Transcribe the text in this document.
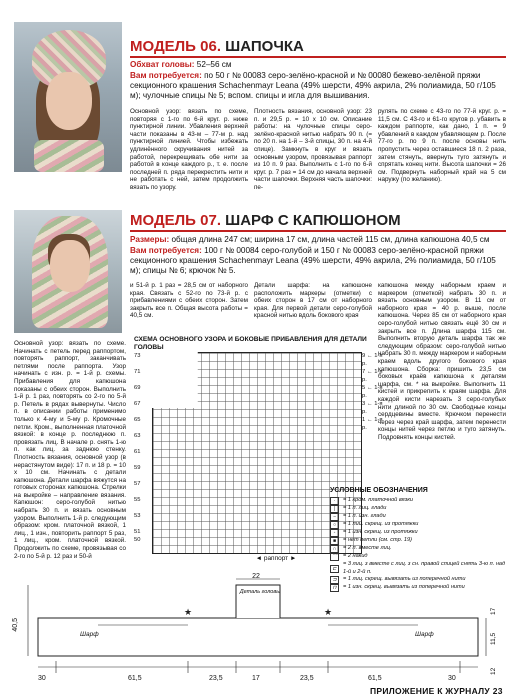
МОДЕЛЬ 06. ШАПОЧКА
Обхват головы: 52–56 см
Вам потребуется: по 50 г № 00083 серо-зелёно-красной и № 00080 бежево-зелёной пряжи секционного крашения Schachenmayr Leana (49% шерсти, 49% акрила, 2% полиамида, 50 г/105 м); чулочные спицы № 5; вспом. спицы и игла для вышивания.
Основной узор: вязать по схеме, повторяя с 1-го по 6-й круг. р. ниже пунктирной линии. Убавления верхней части показаны в 43-м – 77-м р. над пунктирной линией. Чтобы избежать удлинённого скручивания нитей за работой, перекрещивать обе нити за работой в конце каждого р., т. е. после последней п. ряда перекрестить нити и не работать с ней, затем продолжить вязать по узору.
Плотность вязания, основной узор: 23 п. и 29,5 р. = 10 х 10 см. Описание работы: на чулочные спицы серо-зелёно-красной нитью набрать 90 п. (= по 20 п. на 1-й – 3-й спицы, 30 п. на 4-й спице). Замкнуть в круг и вязать основным узором, провязывая раппорт из 10 п. 9 раз. Выполнить с 1-го по 6-й круг. р. 7 раз = 14 см до начала верхней части шапочки. Верхняя часть шапочки: пе-
рулять по схеме с 43-го по 77-й круг. р. = 11,5 см. С 43-го и 61-го кругов р. убавить в каждом раппорте, как дано, 1 п. = 9 убавлений в каждом убавляющем р. После 77-го р. по 9 п. после основы нить пропустить через оставшиеся 18 п. 2 раза, затем стянуть, ввернуть туго затянуть и спрятать конец нити. Высота шапочки = 26 см. Подвернуть наборный край на 5 см наружу (по желанию).
МОДЕЛЬ 07. ШАРФ С КАПЮШОНОМ
Размеры: общая длина 247 см; ширина 17 см, длина частей 115 см, длина капюшона 40,5 см
Вам потребуется: 100 г № 00084 серо-голубой и 150 г № 00083 серо-зелёно-красной пряжи секционного крашения Schachenmayr Leana (49% шерсти, 49% акрила, 2% полиамида, 50 г/105 м); спицы № 6; крючок № 5.
и 51-й р. 1 раз = 28,5 см от наборного края. Связать с 52-го по 73-й р. с прибавлениями с обеих сторон. Затем закрыть все п. Общая высота работы = 40,5 см.
Детали шарфа: на капюшоне расположить маркеры (отметки) с обеих сторон в 17 см от наборного края. Для первой детали серо-голубой красной нитью вдоль бокового края
капюшона между наборным краем и маркером (отметкой) набрать 30 п. и вязать основным узором. В 11 см от наборного края = 40 р. выше, после капюшона. Через 85 см от наборного края серо-голубой нитью связать ещё 30 см и закрыть все п. Длина шарфа 115 см. Выполнить вторую деталь шарфа так же следующим образом: серо-голубой нитью набрать 30 п. между маркером и наборным краем вдоль другого бокового края капюшона. Сборка: пришить 23,5 см боковых краёв капюшона к деталям шарфа, см. * на выкройке. Выполнить 11 кистей и прикрепить к краям шарфа. Для каждой кисти нарезать 3 серо-голубых нити длиной по 30 см. Свободные концы сердцевины вместе. Крючком перенести через через край шарфа, затем перенести концы нитей через петлю и туго затянуть. Подровнять концы кистей.
Основной узор: вязать по схеме. Начинать с петель перед раппортом, повторять раппорт, заканчивать петлями после раппорта. Узор начинать с изн. р. = 1-й р. схемы. Прибавления для капюшона показаны с обеих сторон. Выполнить 1-й р. 1 раз, повторять со 2-го по 5-й р. Петель в рядах вывернуты. Число п. в описании работы применимо только к 4-му и 5-му р. Кромочные петли. Кром., выполненная платочной вязкой: в конце р. последнюю п. провязать лиц. В начале р. снять 1-ю п. как лиц. за заднюю стенку. Плотность вязания, основной узор (в нерастянутом виде): 17 п. и 18 р. = 10 х 10 см. Начинать с детали капюшона. Детали шарфа вяжутся на готовых сторонах капюшона. Стрелки на выкройке – направление вязания. Капюшон: серо-голубой нитью набрать 30 п. и вязать основным узором. Выполнить 1-й р. следующим образом: кром. платочной вязкой, 1 лиц., 1 изн., повторить раппорт 5 раз, 1 лиц., кром. платочной вязкой. Продолжить по схеме, провязывая со 2-го по 5-й р. 12 раз и 50-й
СХЕМА ОСНОВНОГО УЗОРА И БОКОВЫЕ ПРИБАВЛЕНИЯ ДЛЯ ДЕТАЛИ ГОЛОВЫ
73
71
69
67
65
63
61
59
57
55
53
51
50
9 ← 1-я р.
7 ← 1-я р.
5 ← 1-я р.
3 ← 1-я р.
1 ← 1-я р.
◄ раппорт ►
УСЛОВНЫЕ ОБОЗНАЧЕНИЯ
·	= 1 кром. платочной вязки
|	= 1 п. лиц. глади
−	= 1 п. изн. глади
○	= 1 лиц. скрещ. из протяжки
◦	= 1 изн. скрещ. из протяжки
■	= нет петли (см. стр. 19)
∩	= 2 п. вместе лиц.
⌒	= 2 накид
⊏
= 3 лиц. з вместе с лиц. з сн. правой спицей снять 3-ю п. над 1-й и 2-й п.
⊐	= 1 лиц. скрещ. вывязать из поперечной нити
⊓	= 1 изн. скрещ. вывязать из поперечной нити
★	★
Деталь головы
Шарф	Шарф
22
40,5
17
11,5
12
30	61,5	23,5	17	23,5	61,5	30
ПРИЛОЖЕНИЕ К ЖУРНАЛУ 23
